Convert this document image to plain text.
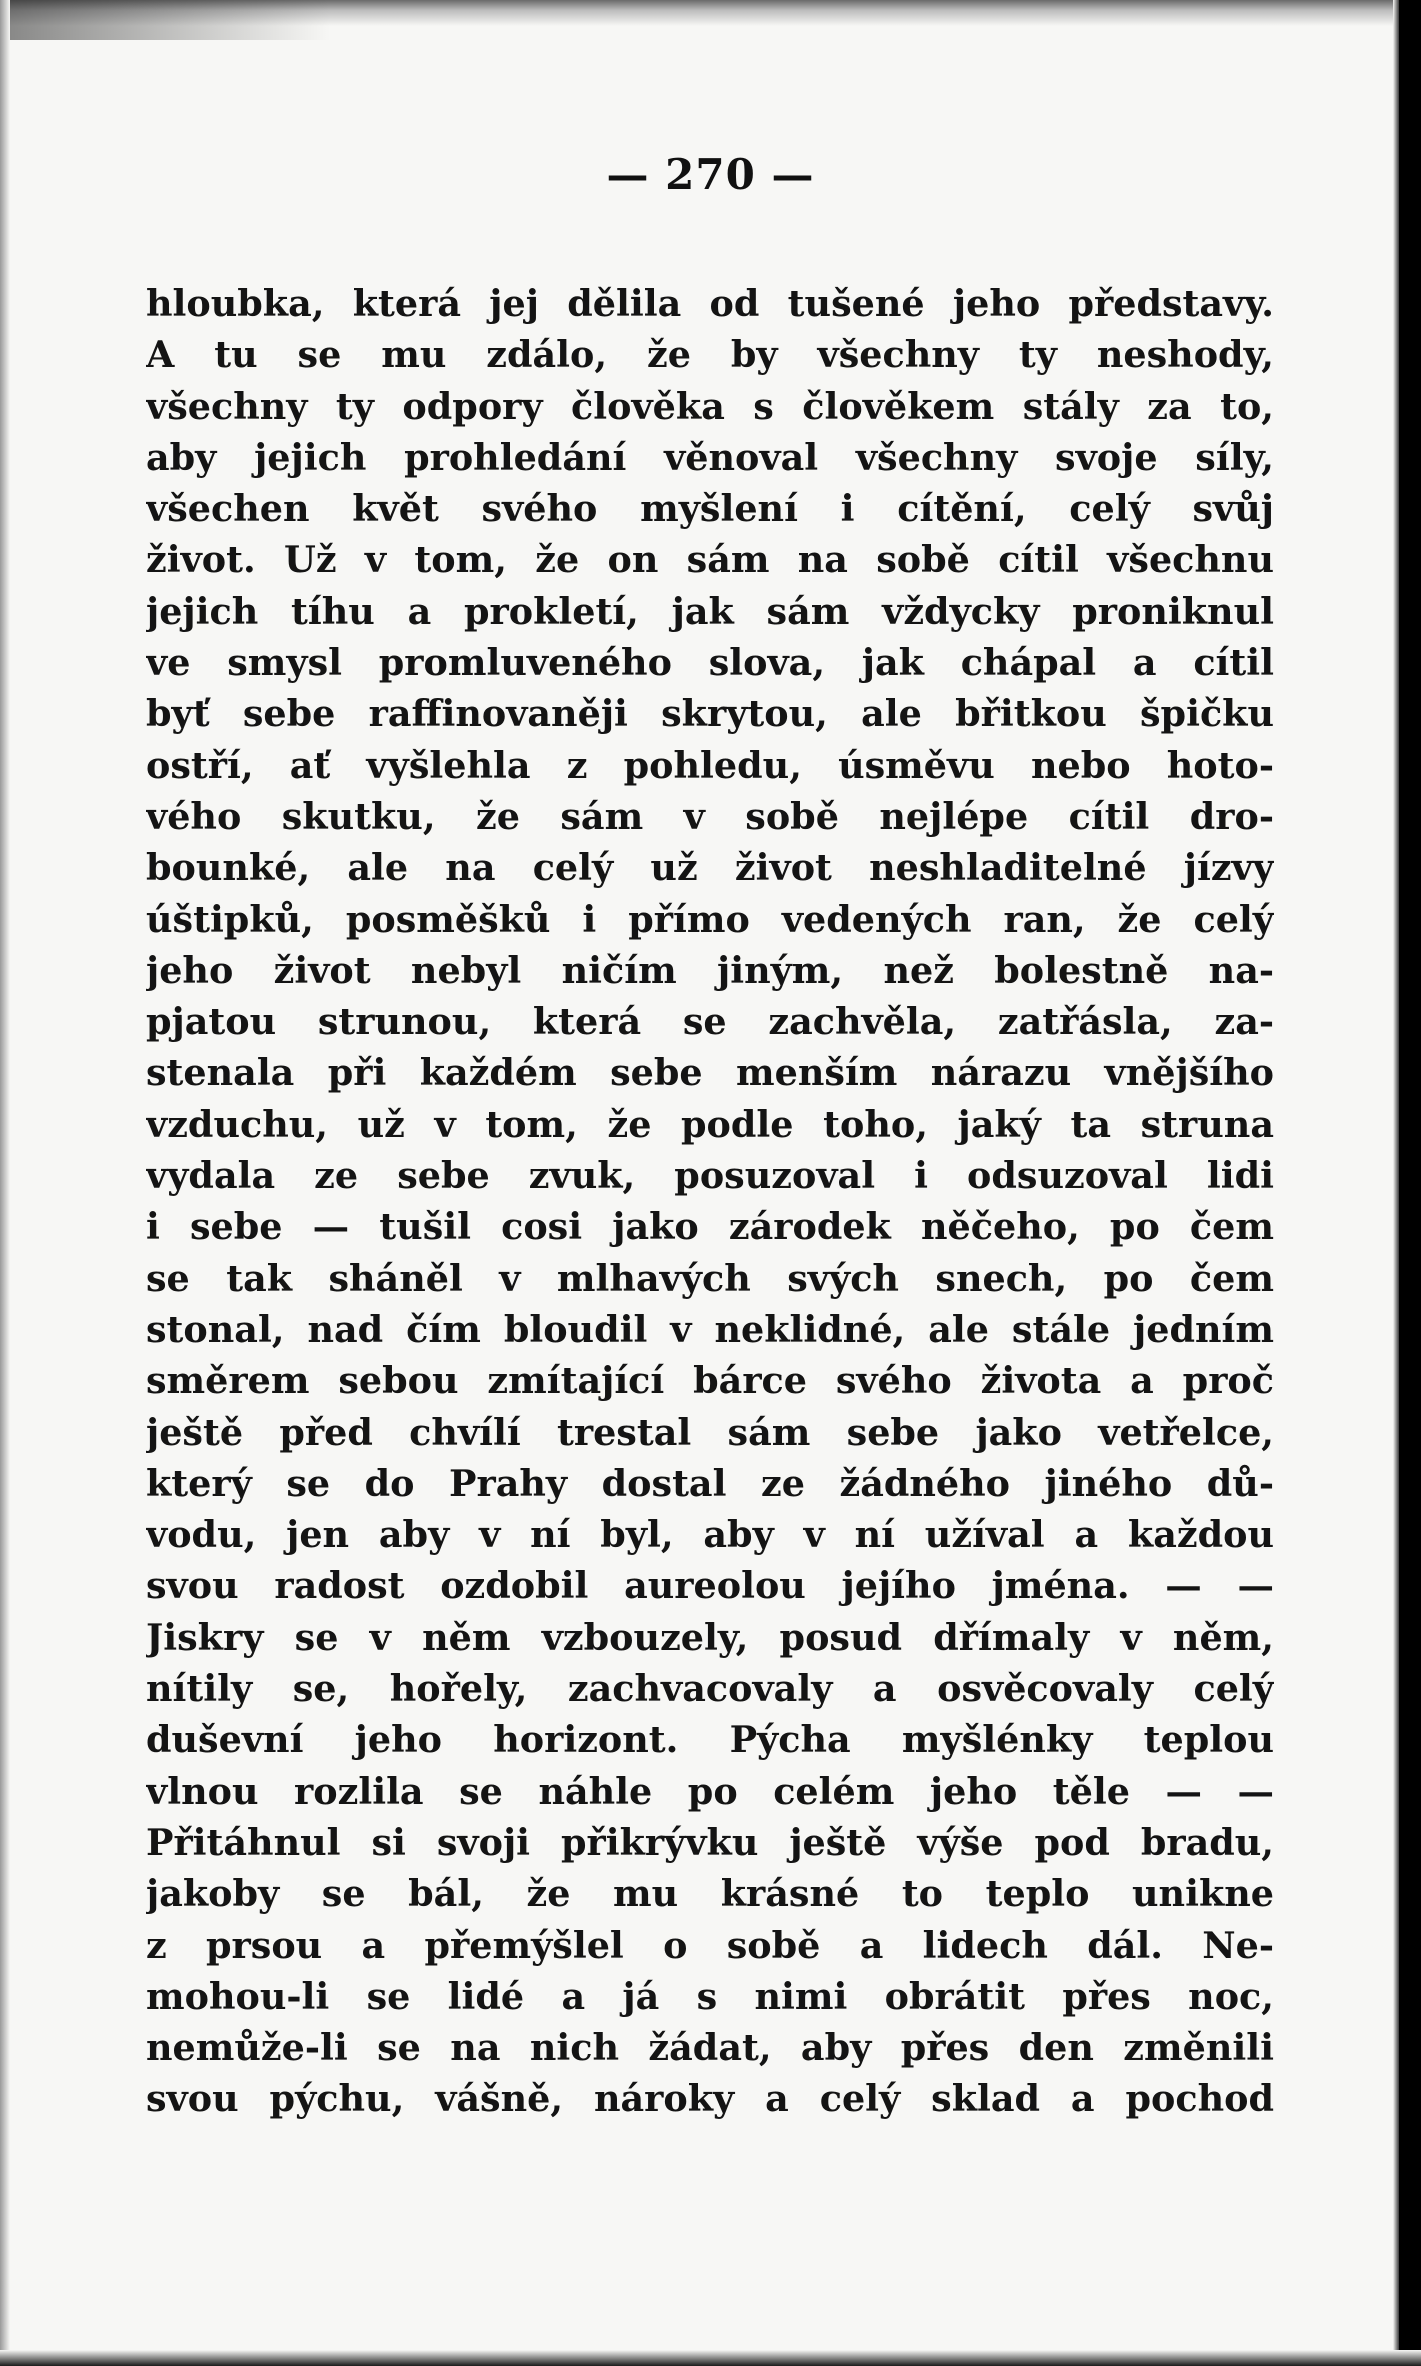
— 270 —
hloubka, která jej dělila od tušené jeho představy.
A tu se mu zdálo, že by všechny ty neshody,
všechny ty odpory člověka s člověkem stály za to,
aby jejich prohledání věnoval všechny svoje síly,
všechen květ svého myšlení i cítění, celý svůj
život. Už v tom, že on sám na sobě cítil všechnu
jejich tíhu a prokletí, jak sám vždycky proniknul
ve smysl promluveného slova, jak chápal a cítil
byť sebe raffinovaněji skrytou, ale břitkou špičku
ostří, ať vyšlehla z pohledu, úsměvu nebo hoto-
vého skutku, že sám v sobě nejlépe cítil dro-
bounké, ale na celý už život neshladitelné jízvy
úštipků, posměšků i přímo vedených ran, že celý
jeho život nebyl ničím jiným, než bolestně na-
pjatou strunou, která se zachvěla, zatřásla, za-
stenala při každém sebe menším nárazu vnějšího
vzduchu, už v tom, že podle toho, jaký ta struna
vydala ze sebe zvuk, posuzoval i odsuzoval lidi
i sebe — tušil cosi jako zárodek něčeho, po čem
se tak sháněl v mlhavých svých snech, po čem
stonal, nad čím bloudil v neklidné, ale stále jedním
směrem sebou zmítající bárce svého života a proč
ještě před chvílí trestal sám sebe jako vetřelce,
který se do Prahy dostal ze žádného jiného dů-
vodu, jen aby v ní byl, aby v ní užíval a každou
svou radost ozdobil aureolou jejího jména. — —
Jiskry se v něm vzbouzely, posud dřímaly v něm,
nítily se, hořely, zachvacovaly a osvěcovaly celý
duševní jeho horizont. Pýcha myšlénky teplou
vlnou rozlila se náhle po celém jeho těle — —
Přitáhnul si svoji přikrývku ještě výše pod bradu,
jakoby se bál, že mu krásné to teplo unikne
z prsou a přemýšlel o sobě a lidech dál. Ne-
mohou-li se lidé a já s nimi obrátit přes noc,
nemůže-li se na nich žádat, aby přes den změnili
svou pýchu, vášně, nároky a celý sklad a pochod
